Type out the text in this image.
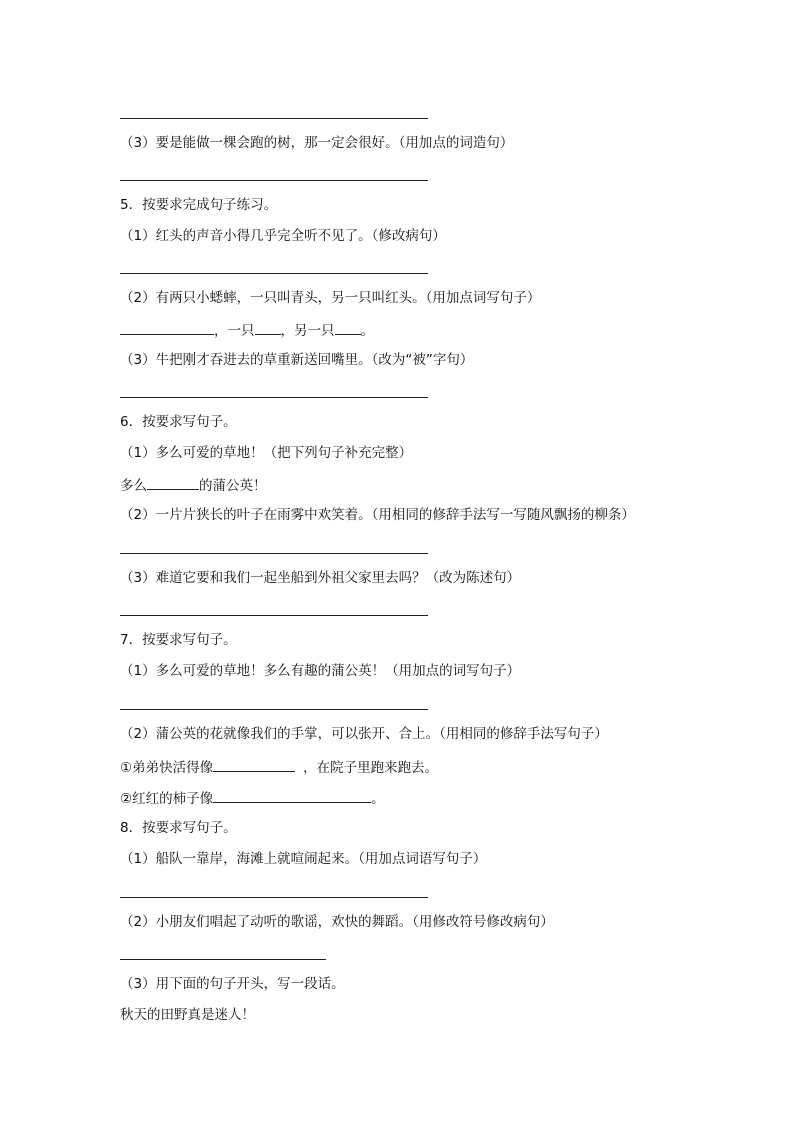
（3）要是能做一棵会跑的树，那一定会很好。（用加点的词造句）
5．按要求完成句子练习。
（1）红头的声音小得几乎完全听不见了。（修改病句）
（2）有两只小蟋蟀，一只叫青头，另一只叫红头。（用加点词写句子）
，一只 ，另一只 。
（3）牛把刚才吞进去的草重新送回嘴里。（改为“被”字句）
6．按要求写句子。
（1）多么可爱的草地！（把下列句子补充完整）
多么	的蒲公英！
（2）一片片狭长的叶子在雨雾中欢笑着。（用相同的修辞手法写一写随风飘扬的柳条）
（3）难道它要和我们一起坐船到外祖父家里去吗？（改为陈述句）
7．按要求写句子。
（1）多么可爱的草地！多么有趣的蒲公英！（用加点的词写句子）
（2）蒲公英的花就像我们的手掌，可以张开、合上。（用相同的修辞手法写句子）
①弟弟快活得像	，在院子里跑来跑去。
②红红的柿子像	。
8．按要求写句子。
（1）船队一靠岸，海滩上就喧闹起来。（用加点词语写句子）
（2）小朋友们唱起了动听的歌谣，欢快的舞蹈。（用修改符号修改病句）
（3）用下面的句子开头，写一段话。
秋天的田野真是迷人！
